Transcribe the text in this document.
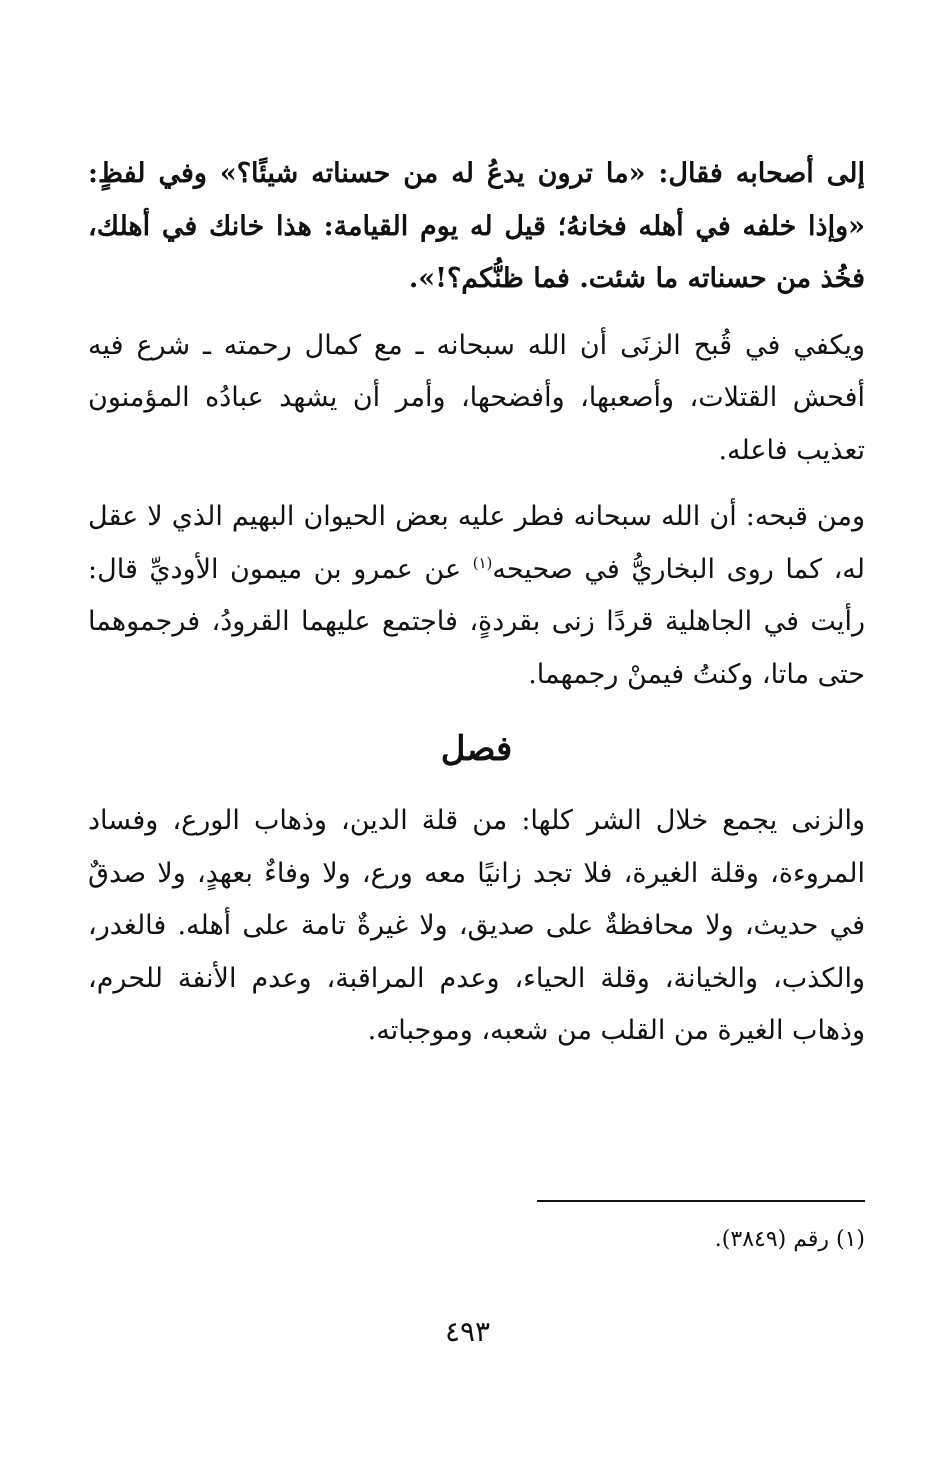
إلى أصحابه فقال: «ما ترون يدعُ له من حسناته شيئًا؟» وفي لفظٍ: «وإذا خلفه في أهله فخانهُ؛ قيل له يوم القيامة: هذا خانك في أهلك، فخُذ من حسناته ما شئت. فما ظنُّكم؟!».

ويكفي في قُبح الزنَى أن الله سبحانه ـ مع كمال رحمته ـ شرع فيه أفحش القتلات، وأصعبها، وأفضحها، وأمر أن يشهد عبادُه المؤمنون تعذيب فاعله.

ومن قبحه: أن الله سبحانه فطر عليه بعض الحيوان البهيم الذي لا عقل له، كما روى البخاريُّ في صحيحه$^{(١)}$ عن عمرو بن ميمون الأوديِّ قال: رأيت في الجاهلية قردًا زنى بقردةٍ، فاجتمع عليهما القرودُ، فرجموهما حتى ماتا، وكنتُ فيمنْ رجمهما.

فصل

والزنى يجمع خلال الشر كلها: من قلة الدين، وذهاب الورع، وفساد المروءة، وقلة الغيرة، فلا تجد زانيًا معه ورع، ولا وفاءٌ بعهدٍ، ولا صدقٌ في حديث، ولا محافظةٌ على صديق، ولا غيرةٌ تامة على أهله. فالغدر، والكذب، والخيانة، وقلة الحياء، وعدم المراقبة، وعدم الأنفة للحرم، وذهاب الغيرة من القلب من شعبه، وموجباته.

(١) رقم (٣٨٤٩).

٤٩٣
